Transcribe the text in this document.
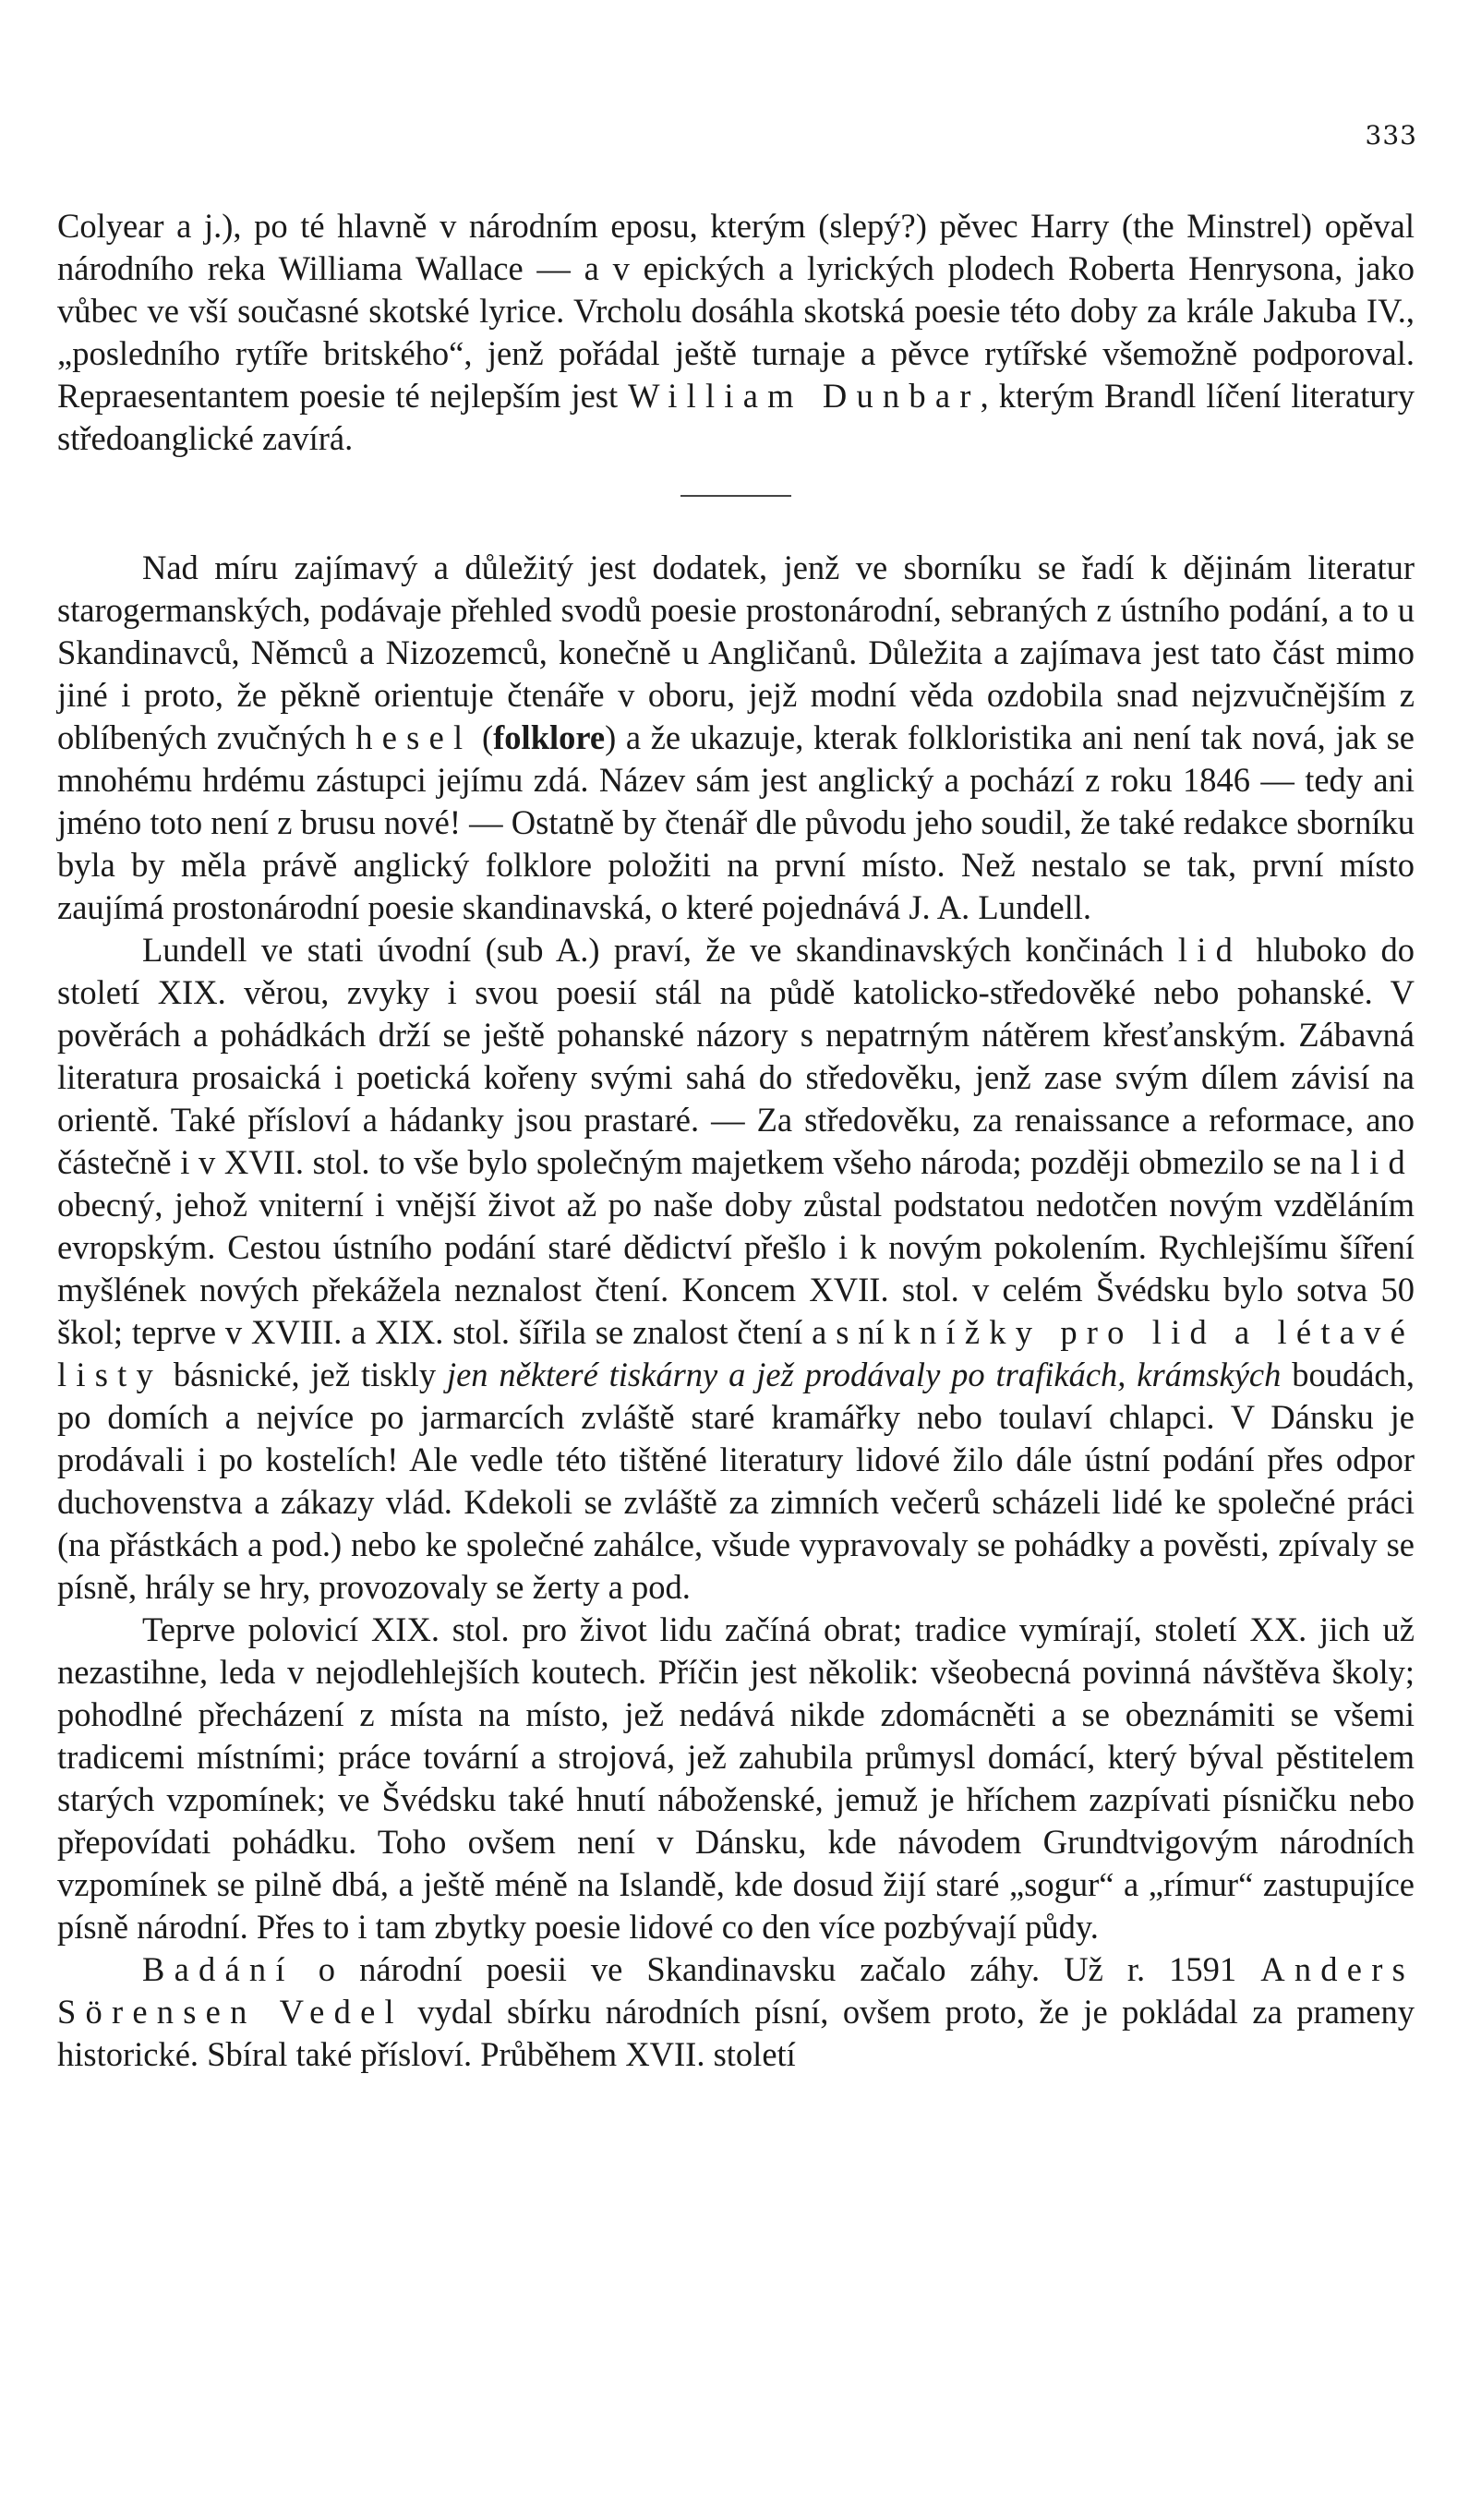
333

Colyear a j.), po té hlavně v národním eposu, kterým (slepý?) pěvec Harry (the Minstrel) opěval národního reka Williama Wallace — a v epických a lyrických plodech Roberta Henrysona, jako vůbec ve vší současné skotské lyrice. Vrcholu dosáhla skotská poesie této doby za krále Jakuba IV., „posledního rytíře britského“, jenž pořádal ještě turnaje a pěvce rytířské všemožně podporoval. Repraesentantem poesie té nejlepším jest William Dunbar, kterým Brandl líčení literatury středoanglické zavírá.

Nad míru zajímavý a důležitý jest dodatek, jenž ve sborníku se řadí k dějinám literatur starogermanských, podávaje přehled svodů poesie prostonárodní, sebraných z ústního podání, a to u Skandinavců, Němců a Nizozemců, konečně u Angličanů. Důležita a zajímava jest tato část mimo jiné i proto, že pěkně orientuje čtenáře v oboru, jejž modní věda ozdobila snad nejzvučnějším z oblíbených zvučných hesel (folklore) a že ukazuje, kterak folkloristika ani není tak nová, jak se mnohému hrdému zástupci jejímu zdá. Název sám jest anglický a pochází z roku 1846 — tedy ani jméno toto není z brusu nové! — Ostatně by čtenář dle původu jeho soudil, že také redakce sborníku byla by měla právě anglický folklore položiti na první místo. Než nestalo se tak, první místo zaujímá prostonárodní poesie skandinavská, o které pojednává J. A. Lundell.

Lundell ve stati úvodní (sub A.) praví, že ve skandinavských končinách lid hluboko do století XIX. věrou, zvyky i svou poesií stál na půdě katolicko-středověké nebo pohanské. V pověrách a pohádkách drží se ještě pohanské názory s nepatrným nátěrem křesťanským. Zábavná literatura prosaická i poetická kořeny svými sahá do středověku, jenž zase svým dílem závisí na orientě. Také přísloví a hádanky jsou prastaré. — Za středověku, za renaissance a reformace, ano částečně i v XVII. stol. to vše bylo společným majetkem všeho národa; později obmezilo se na lid obecný, jehož vniterní i vnější život až po naše doby zůstal podstatou nedotčen novým vzděláním evropským. Cestou ústního podání staré dědictví přešlo i k novým pokolením. Rychlejšímu šíření myšlének nových překážela neznalost čtení. Koncem XVII. stol. v celém Švédsku bylo sotva 50 škol; teprve v XVIII. a XIX. stol. šířila se znalost čtení a s ní knížky pro lid a létavé listy básnické, jež tiskly jen některé tiskárny a jež prodávaly po trafikách, krámských boudách, po domích a nejvíce po jarmarcích zvláště staré kramářky nebo toulaví chlapci. V Dánsku je prodávali i po kostelích! Ale vedle této tištěné literatury lidové žilo dále ústní podání přes odpor duchovenstva a zákazy vlád. Kdekoli se zvláště za zimních večerů scházeli lidé ke společné práci (na přástkách a pod.) nebo ke společné zahálce, všude vypravovaly se pohádky a pověsti, zpívaly se písně, hrály se hry, provozovaly se žerty a pod.

Teprve polovicí XIX. stol. pro život lidu začíná obrat; tradice vymírají, století XX. jich už nezastihne, leda v nejodlehlejších koutech. Příčin jest několik: všeobecná povinná návštěva školy; pohodlné přecházení z místa na místo, jež nedává nikde zdomácněti a se obeznámiti se všemi tradicemi místními; práce tovární a strojová, jež zahubila průmysl domácí, který býval pěstitelem starých vzpomínek; ve Švédsku také hnutí náboženské, jemuž je hříchem zazpívati písničku nebo přepovídati pohádku. Toho ovšem není v Dánsku, kde návodem Grundtvigovým národních vzpomínek se pilně dbá, a ještě méně na Islandě, kde dosud žijí staré „sogur“ a „rímur“ zastupujíce písně národní. Přes to i tam zbytky poesie lidové co den více pozbývají půdy.

Badání o národní poesii ve Skandinavsku začalo záhy. Už r. 1591 Anders Sörensen Vedel vydal sbírku národních písní, ovšem proto, že je pokládal za prameny historické. Sbíral také přísloví. Průběhem XVII. století
